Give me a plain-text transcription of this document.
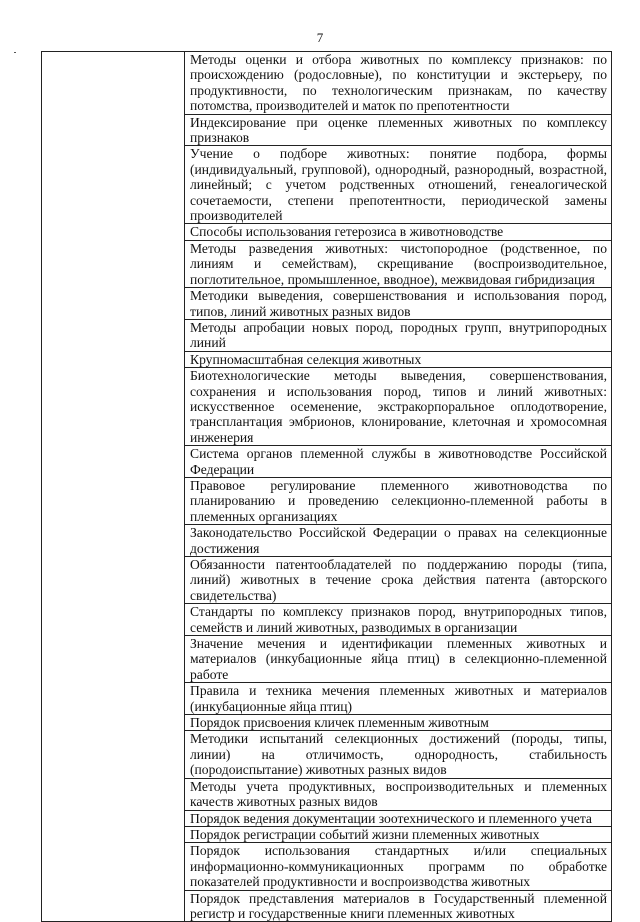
7
	Методы оценки и отбора животных по комплексу признаков: по происхождению (родословные), по конституции и экстерьеру, по продуктивности, по технологическим признакам, по качеству потомства, производителей и маток по препотентности
Индексирование при оценке племенных животных по комплексу признаков
Учение о подборе животных: понятие подбора, формы (индивидуальный, групповой), однородный, разнородный, возрастной, линейный; с учетом родственных отношений, генеалогической сочетаемости, степени препотентности, периодической замены производителей
Способы использования гетерозиса в животноводстве
Методы разведения животных: чистопородное (родственное, по линиям и семействам), скрещивание (воспроизводительное, поглотительное, промышленное, вводное), межвидовая гибридизация
Методики выведения, совершенствования и использования пород, типов, линий животных разных видов
Методы апробации новых пород, породных групп, внутрипородных линий
Крупномасштабная селекция животных
Биотехнологические методы выведения, совершенствования, сохранения и использования пород, типов и линий животных: искусственное осеменение, экстракорпоральное оплодотворение, трансплантация эмбрионов, клонирование, клеточная и хромосомная инженерия
Система органов племенной службы в животноводстве Российской Федерации
Правовое регулирование племенного животноводства по планированию и проведению селекционно-племенной работы в племенных организациях
Законодательство Российской Федерации о правах на селекционные достижения
Обязанности патентообладателей по поддержанию породы (типа, линий) животных в течение срока действия патента (авторского свидетельства)
Стандарты по комплексу признаков пород, внутрипородных типов, семейств и линий животных, разводимых в организации
Значение мечения и идентификации племенных животных и материалов (инкубационные яйца птиц) в селекционно-племенной работе
Правила и техника мечения племенных животных и материалов (инкубационные яйца птиц)
Порядок присвоения кличек племенным животным
Методики испытаний селекционных достижений (породы, типы, линии) на отличимость, однородность, стабильность (породоиспытание) животных разных видов
Методы учета продуктивных, воспроизводительных и племенных качеств животных разных видов
Порядок ведения документации зоотехнического и племенного учета
Порядок регистрации событий жизни племенных животных
Порядок использования стандартных и/или специальных информационно-коммуникационных программ по обработке показателей продуктивности и воспроизводства животных
Порядок представления материалов в Государственный племенной регистр и государственные книги племенных животных
